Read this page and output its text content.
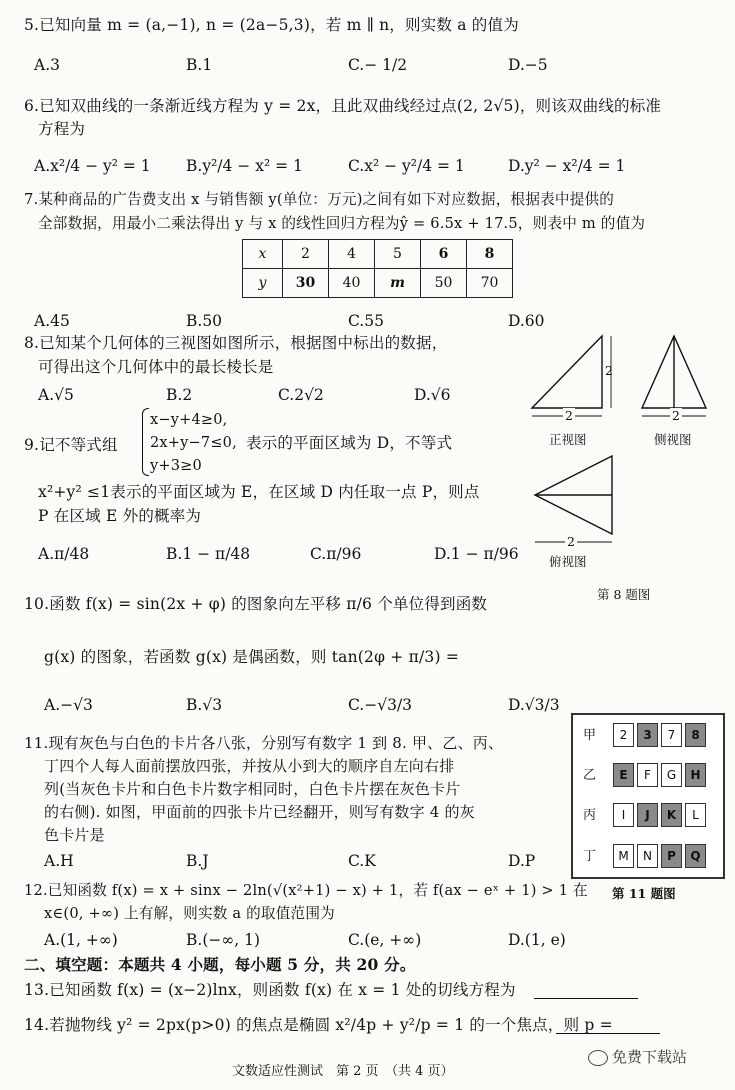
5.已知向量 m = (a,−1), n = (2a−5,3)，若 m ∥ n，则实数 a 的值为
A.3	B.1	C.− 1/2	D.−5
6.已知双曲线的一条渐近线方程为 y = 2x，且此双曲线经过点(2, 2√5)，则该双曲线的标准
方程为
A.x²/4 − y² = 1 B.y²/4 − x² = 1	C.x² − y²/4 = 1	D.y² − x²/4 = 1
7.某种商品的广告费支出 x 与销售额 y(单位：万元)之间有如下对应数据，根据表中提供的
全部数据，用最小二乘法得出 y 与 x 的线性回归方程为ŷ = 6.5x + 17.5，则表中 m 的值为
x	2	4	5	6	8
y	30	40	m	50	70
A.45	B.50	C.55	D.60
8.已知某个几何体的三视图如图所示，根据图中标出的数据，
可得出这个几何体中的最长棱长是
A.√5	B.2	C.2√2	D.√6
2
2	2
2
正视图	侧视图
俯视图
第 8 题图
9.记不等式组
x−y+4≥0,
2x+y−7≤0,
y+3≥0
表示的平面区域为 D，不等式
x²+y² ≤1表示的平面区域为 E，在区域 D 内任取一点 P，则点
P 在区域 E 外的概率为
A.π/48	B.1 − π/48	C.π/96	D.1 − π/96
10.函数 f(x) = sin(2x + φ) 的图象向左平移 π/6 个单位得到函数
g(x) 的图象，若函数 g(x) 是偶函数，则 tan(2φ + π/3) =
A.−√3	B.√3	C.−√3/3	D.√3/3
11.现有灰色与白色的卡片各八张，分别写有数字 1 到 8. 甲、乙、丙、
丁四个人每人面前摆放四张，并按从小到大的顺序自左向右排
列(当灰色卡片和白色卡片数字相同时，白色卡片摆在灰色卡片
的右侧). 如图，甲面前的四张卡片已经翻开，则写有数字 4 的灰
色卡片是
A.H	B.J	C.K	D.P
甲	2	3	7	8
乙	E	F	G	H
丙	I	J	K	L
丁	M	N	P	Q
第 11 题图
12.已知函数 f(x) = x + sinx − 2ln(√(x²+1) − x) + 1，若 f(ax − eˣ + 1) > 1 在
x∈(0, +∞) 上有解，则实数 a 的取值范围为
A.(1, +∞)	B.(−∞, 1)	C.(e, +∞)	D.(1, e)
二、填空题：本题共 4 小题，每小题 5 分，共 20 分。
13.已知函数 f(x) = (x−2)lnx，则函数 f(x) 在 x = 1 处的切线方程为
14.若抛物线 y² = 2px(p>0) 的焦点是椭圆 x²/4p + y²/p = 1 的一个焦点，则 p =
文数适应性测试　第 2 页　（共 4 页）
免费下载站
